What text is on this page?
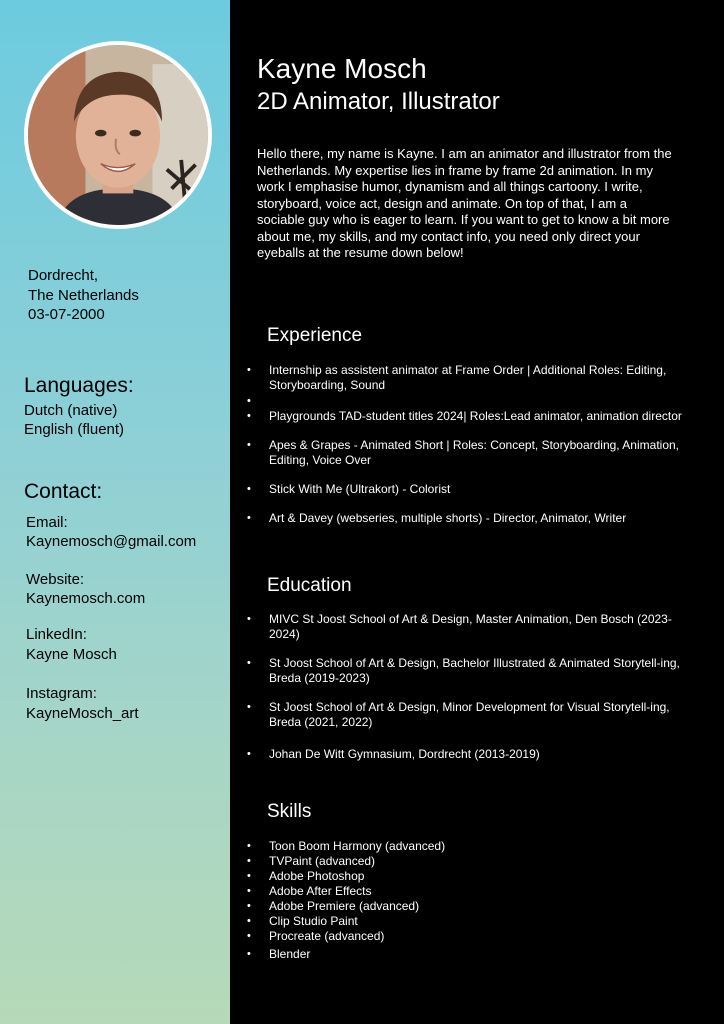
Dordrecht,
The Netherlands
03-07-2000
Languages:
Dutch (native)
English (fluent)
Contact:
Email:
Kaynemosch@gmail.com
Website:
Kaynemosch.com
LinkedIn:
Kayne Mosch
Instagram:
KayneMosch_art
Kayne Mosch
2D Animator, Illustrator

Hello there, my name is Kayne. I am an animator and illustrator from the Netherlands. My expertise lies in frame by frame 2d animation. In my work I emphasise humor, dynamism and all things cartoony. I write, storyboard, voice act, design and animate. On top of that, I am a sociable guy who is eager to learn. If you want to get to know a bit more about me, my skills, and my contact info, you need only direct your eyeballs at the resume down below!

Experience
• Internship as assistent animator at Frame Order | Additional Roles: Editing, Storyboarding, Sound
•
• Playgrounds TAD-student titles 2024| Roles:Lead animator, animation director
• Apes & Grapes - Animated Short | Roles: Concept, Storyboarding, Animation, Editing, Voice Over
• Stick With Me (Ultrakort) - Colorist
• Art & Davey (webseries, multiple shorts) - Director, Animator, Writer
Education
• MIVC St Joost School of Art & Design, Master Animation, Den Bosch (2023-2024)
• St Joost School of Art & Design, Bachelor Illustrated & Animated Storytell-ing, Breda (2019-2023)
• St Joost School of Art & Design, Minor Development for Visual Storytell-ing, Breda (2021, 2022)
• Johan De Witt Gymnasium, Dordrecht (2013-2019)
Skills
• Toon Boom Harmony (advanced)
• TVPaint (advanced)
• Adobe Photoshop
• Adobe After Effects
• Adobe Premiere (advanced)
• Clip Studio Paint
• Procreate (advanced)
• Blender
